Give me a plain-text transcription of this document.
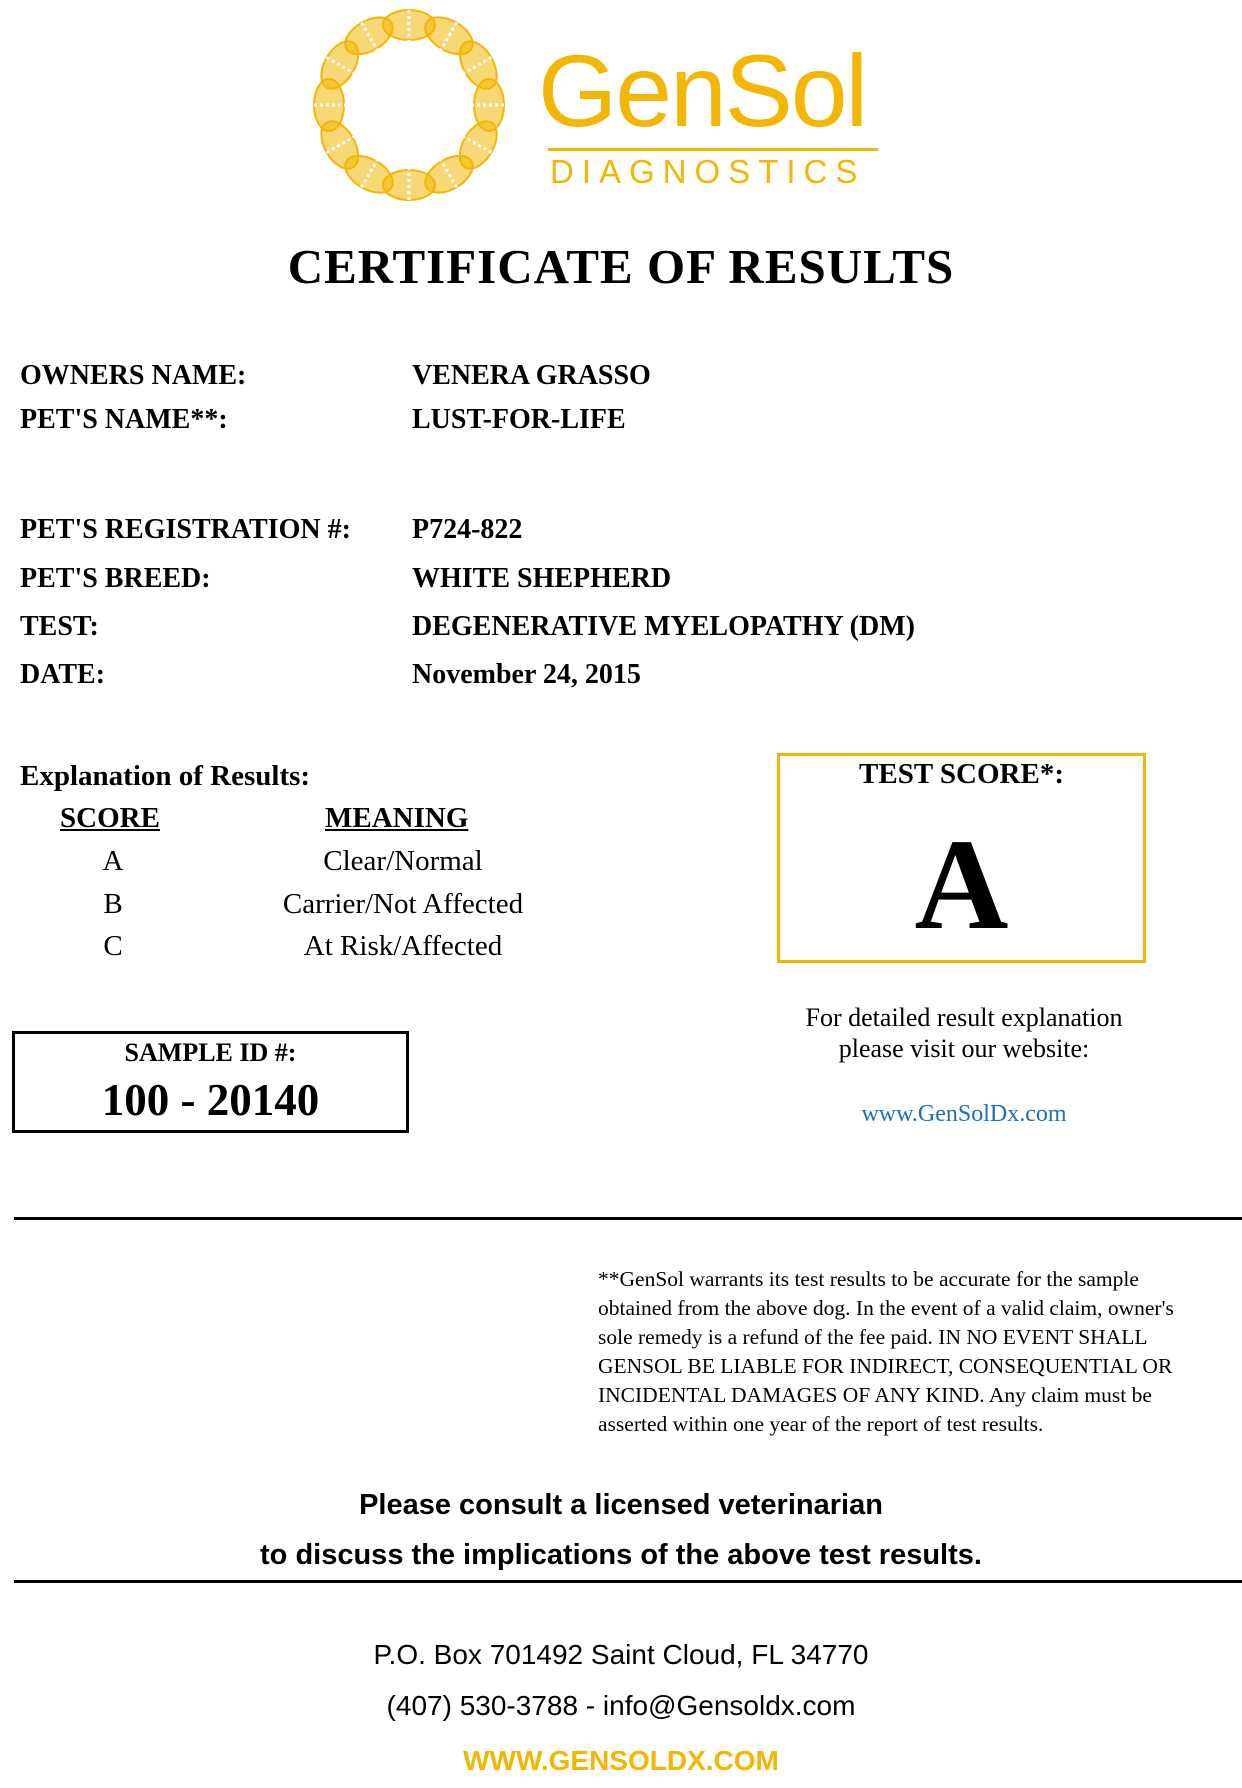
GenSol
DIAGNOSTICS
CERTIFICATE OF RESULTS
OWNERS NAME:	VENERA GRASSO
PET'S NAME**:	LUST-FOR-LIFE
PET'S REGISTRATION #: P724-822
PET'S BREED:	WHITE SHEPHERD
TEST:	DEGENERATIVE MYELOPATHY (DM)
DATE:	November 24, 2015
Explanation of Results:
SCORE	MEANING
A	Clear/Normal
B	Carrier/Not Affected
C	At Risk/Affected
TEST SCORE*:
A
SAMPLE ID #:
100 - 20140
For detailed result explanation
please visit our website:
www.GenSolDx.com
**GenSol warrants its test results to be accurate for the sample
obtained from the above dog. In the event of a valid claim, owner's
sole remedy is a refund of the fee paid. IN NO EVENT SHALL
GENSOL BE LIABLE FOR INDIRECT, CONSEQUENTIAL OR
INCIDENTAL DAMAGES OF ANY KIND. Any claim must be
asserted within one year of the report of test results.
Please consult a licensed veterinarian
to discuss the implications of the above test results.
P.O. Box 701492 Saint Cloud, FL 34770
(407) 530-3788 - info@Gensoldx.com
WWW.GENSOLDX.COM
